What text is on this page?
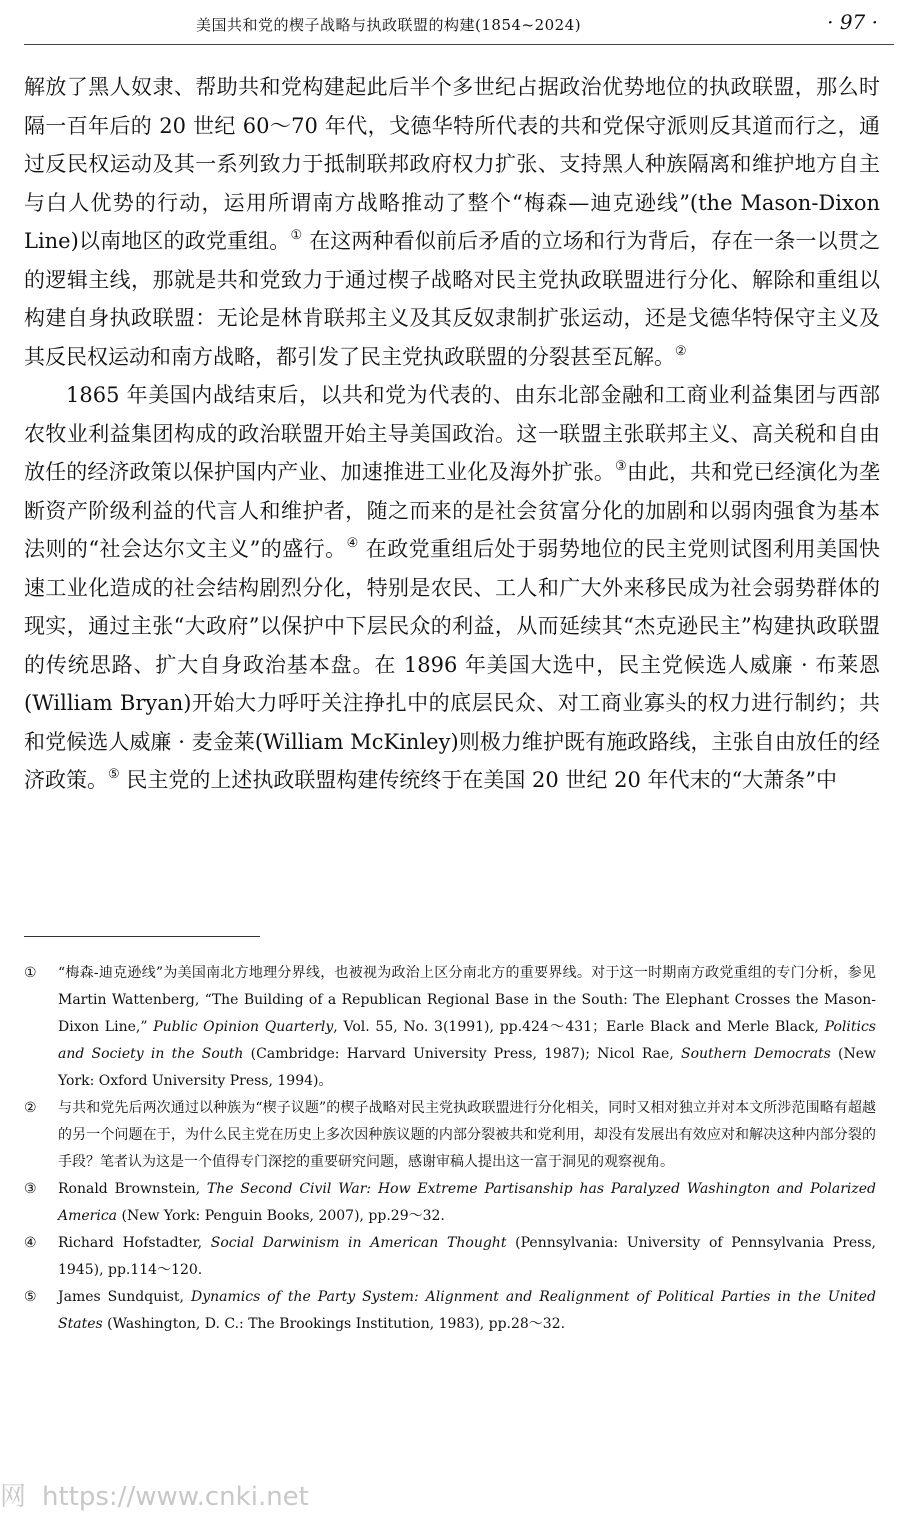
美国共和党的楔子战略与执政联盟的构建(1854~2024)	· 97 ·

解放了黑人奴隶、帮助共和党构建起此后半个多世纪占据政治优势地位的执政联盟，那么时隔一百年后的 20 世纪 60～70 年代，戈德华特所代表的共和党保守派则反其道而行之，通过反民权运动及其一系列致力于抵制联邦政府权力扩张、支持黑人种族隔离和维护地方自主与白人优势的行动，运用所谓南方战略推动了整个“梅森—迪克逊线”(the Mason-Dixon Line)以南地区的政党重组。① 在这两种看似前后矛盾的立场和行为背后，存在一条一以贯之的逻辑主线，那就是共和党致力于通过楔子战略对民主党执政联盟进行分化、解除和重组以构建自身执政联盟：无论是林肯联邦主义及其反奴隶制扩张运动，还是戈德华特保守主义及其反民权运动和南方战略，都引发了民主党执政联盟的分裂甚至瓦解。②

1865 年美国内战结束后，以共和党为代表的、由东北部金融和工商业利益集团与西部农牧业利益集团构成的政治联盟开始主导美国政治。这一联盟主张联邦主义、高关税和自由放任的经济政策以保护国内产业、加速推进工业化及海外扩张。③由此，共和党已经演化为垄断资产阶级利益的代言人和维护者，随之而来的是社会贫富分化的加剧和以弱肉强食为基本法则的“社会达尔文主义”的盛行。④ 在政党重组后处于弱势地位的民主党则试图利用美国快速工业化造成的社会结构剧烈分化，特别是农民、工人和广大外来移民成为社会弱势群体的现实，通过主张“大政府”以保护中下层民众的利益，从而延续其“杰克逊民主”构建执政联盟的传统思路、扩大自身政治基本盘。在 1896 年美国大选中，民主党候选人威廉 · 布莱恩(William Bryan)开始大力呼吁关注挣扎中的底层民众、对工商业寡头的权力进行制约；共和党候选人威廉 · 麦金莱(William McKinley)则极力维护既有施政路线，主张自由放任的经济政策。⑤ 民主党的上述执政联盟构建传统终于在美国 20 世纪 20 年代末的“大萧条”中

①	“梅森-迪克逊线”为美国南北方地理分界线，也被视为政治上区分南北方的重要界线。对于这一时期南方政党重组的专门分析，参见 Martin Wattenberg, “The Building of a Republican Regional Base in the South: The Elephant Crosses the Mason-Dixon Line,” Public Opinion Quarterly, Vol. 55, No. 3(1991), pp.424～431；Earle Black and Merle Black, Politics and Society in the South (Cambridge: Harvard University Press, 1987); Nicol Rae, Southern Democrats (New York: Oxford University Press, 1994)。
②	与共和党先后两次通过以种族为“楔子议题”的楔子战略对民主党执政联盟进行分化相关，同时又相对独立并对本文所涉范围略有超越的另一个问题在于，为什么民主党在历史上多次因种族议题的内部分裂被共和党利用，却没有发展出有效应对和解决这种内部分裂的手段？笔者认为这是一个值得专门深挖的重要研究问题，感谢审稿人提出这一富于洞见的观察视角。
③	Ronald Brownstein, The Second Civil War: How Extreme Partisanship has Paralyzed Washington and Polarized America (New York: Penguin Books, 2007), pp.29～32.
④	Richard Hofstadter, Social Darwinism in American Thought (Pennsylvania: University of Pennsylvania Press, 1945), pp.114～120.
⑤	James Sundquist, Dynamics of the Party System: Alignment and Realignment of Political Parties in the United States (Washington, D. C.: The Brookings Institution, 1983), pp.28～32.
网 https://www.cnki.net
